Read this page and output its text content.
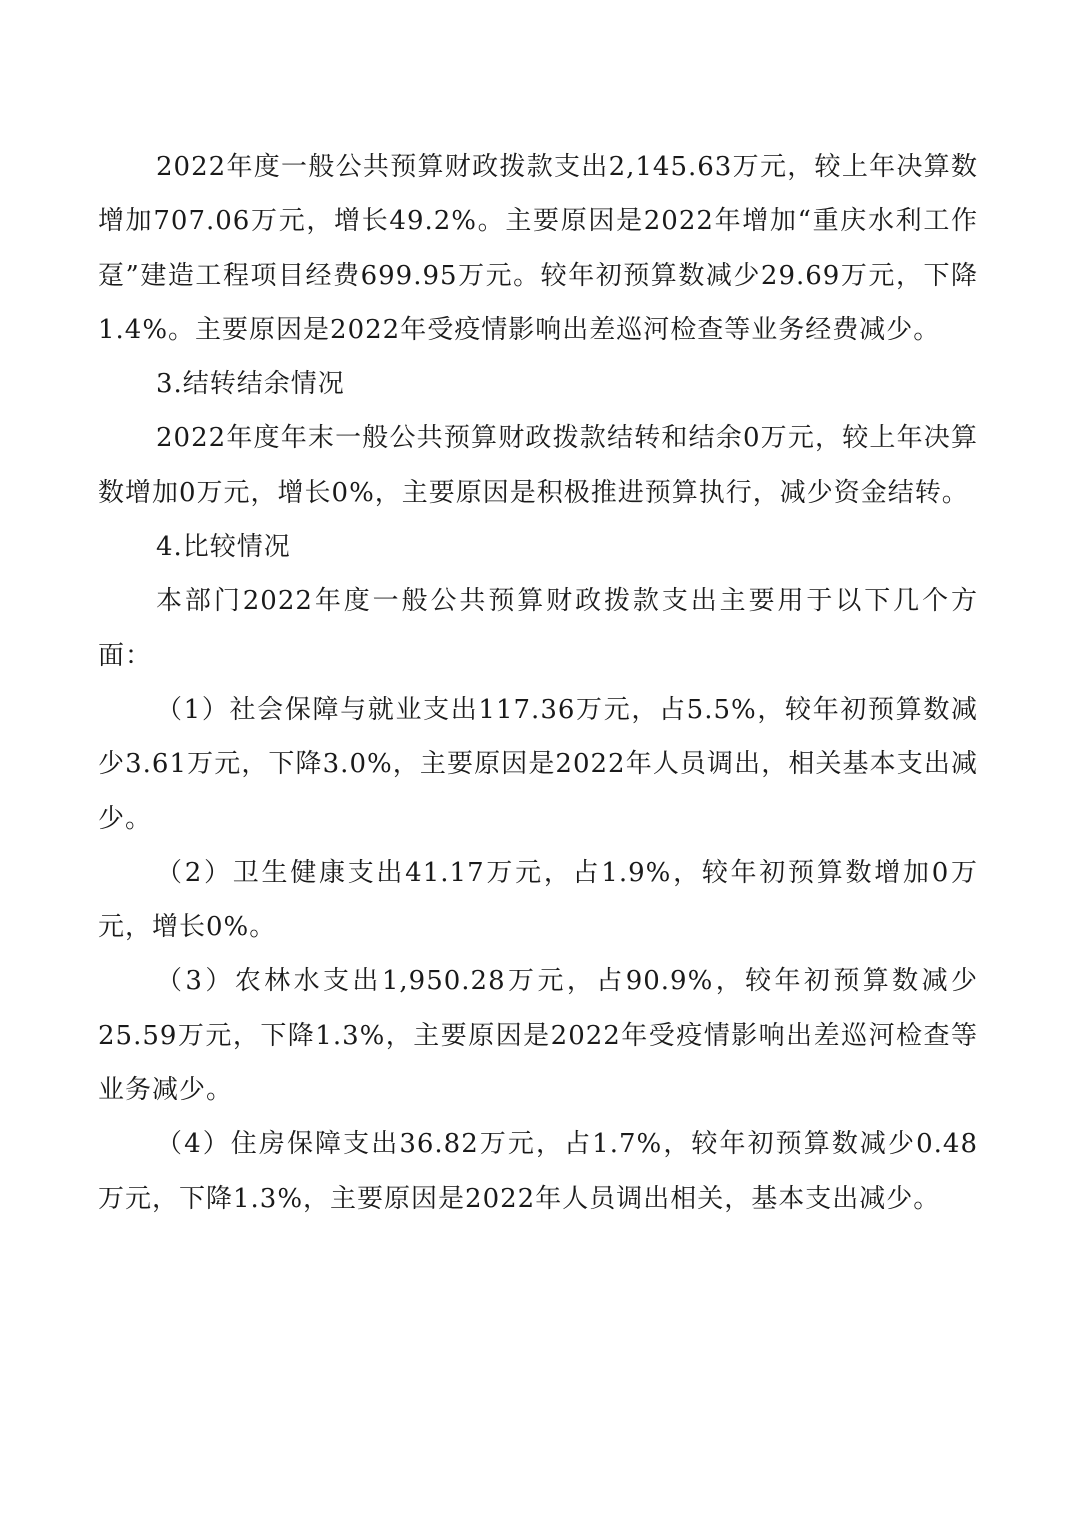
2022年度一般公共预算财政拨款支出2,145.63万元，较上年决算数增加707.06万元，增长49.2%。主要原因是2022年增加“重庆水利工作趸”建造工程项目经费699.95万元。较年初预算数减少29.69万元，下降1.4%。主要原因是2022年受疫情影响出差巡河检查等业务经费减少。

3.结转结余情况

2022年度年末一般公共预算财政拨款结转和结余0万元，较上年决算数增加0万元，增长0%，主要原因是积极推进预算执行，减少资金结转。

4.比较情况

本部门2022年度一般公共预算财政拨款支出主要用于以下几个方面：

（1）社会保障与就业支出117.36万元，占5.5%，较年初预算数减少3.61万元，下降3.0%，主要原因是2022年人员调出，相关基本支出减少。

（2）卫生健康支出41.17万元，占1.9%，较年初预算数增加0万元，增长0%。

（3）农林水支出1,950.28万元，占90.9%，较年初预算数减少25.59万元，下降1.3%，主要原因是2022年受疫情影响出差巡河检查等业务减少。

（4）住房保障支出36.82万元，占1.7%，较年初预算数减少0.48万元，下降1.3%，主要原因是2022年人员调出相关，基本支出减少。
